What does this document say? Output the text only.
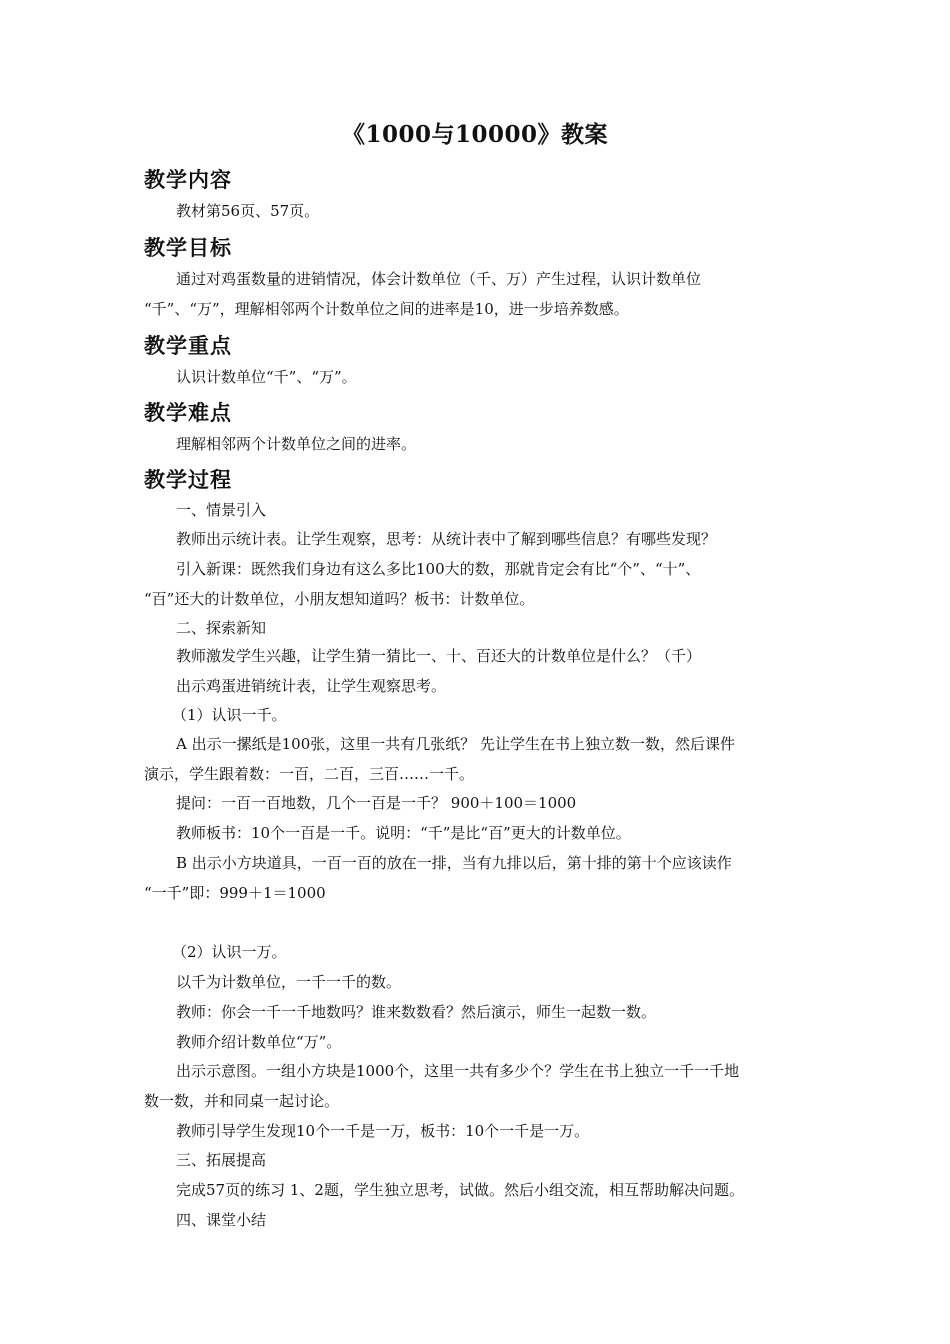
《1000与10000》教案
教学内容
教材第56页、57页。
教学目标
通过对鸡蛋数量的进销情况，体会计数单位（千、万）产生过程，认识计数单位
“千”、“万”，理解相邻两个计数单位之间的进率是10，进一步培养数感。
教学重点
认识计数单位“千”、“万”。
教学难点
理解相邻两个计数单位之间的进率。
教学过程
一、情景引入
教师出示统计表。让学生观察，思考：从统计表中了解到哪些信息？有哪些发现？
引入新课：既然我们身边有这么多比100大的数，那就肯定会有比“个”、“十”、
“百”还大的计数单位，小朋友想知道吗？板书：计数单位。
二、探索新知
教师激发学生兴趣，让学生猜一猜比一、十、百还大的计数单位是什么？（千）
出示鸡蛋进销统计表，让学生观察思考。
（1）认识一千。
A 出示一摞纸是100张，这里一共有几张纸？ 先让学生在书上独立数一数，然后课件
演示，学生跟着数：一百，二百，三百……一千。
提问：一百一百地数，几个一百是一千？ 900＋100＝1000
教师板书：10个一百是一千。说明：“千”是比“百”更大的计数单位。
B 出示小方块道具，一百一百的放在一排，当有九排以后，第十排的第十个应该读作
“一千”即：999＋1＝1000
（2）认识一万。
以千为计数单位，一千一千的数。
教师：你会一千一千地数吗？谁来数数看？然后演示，师生一起数一数。
教师介绍计数单位“万”。
出示示意图。一组小方块是1000个，这里一共有多少个？学生在书上独立一千一千地
数一数，并和同桌一起讨论。
教师引导学生发现10个一千是一万，板书：10个一千是一万。
三、拓展提高
完成57页的练习 1、2题，学生独立思考，试做。然后小组交流，相互帮助解决问题。
四、课堂小结
